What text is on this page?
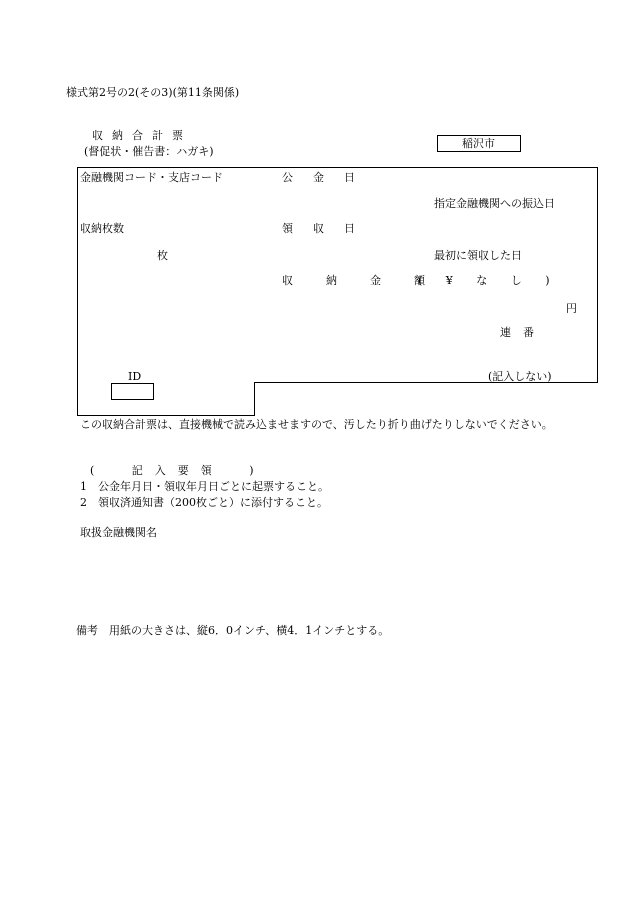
様式第2号の2(その3)(第11条関係)
収納合計票
(督促状・催告書：ハガキ)
稲沢市
金融機関コード・支店コード	公金日
指定金融機関への振込日
収納枚数	領収日
枚	最初に領収した日
収納金額
( ¥ な し )
円
連番
ID	(記入しない)
この収納合計票は、直接機械で読み込ませますので、汚したり折り曲げたりしないでください。
( 記入要領 )
1　公金年月日・領収年月日ごとに起票すること。
2　領収済通知書（200枚ごと）に添付すること。
取扱金融機関名
備考　用紙の大きさは、縦6．0インチ、横4．1インチとする。
